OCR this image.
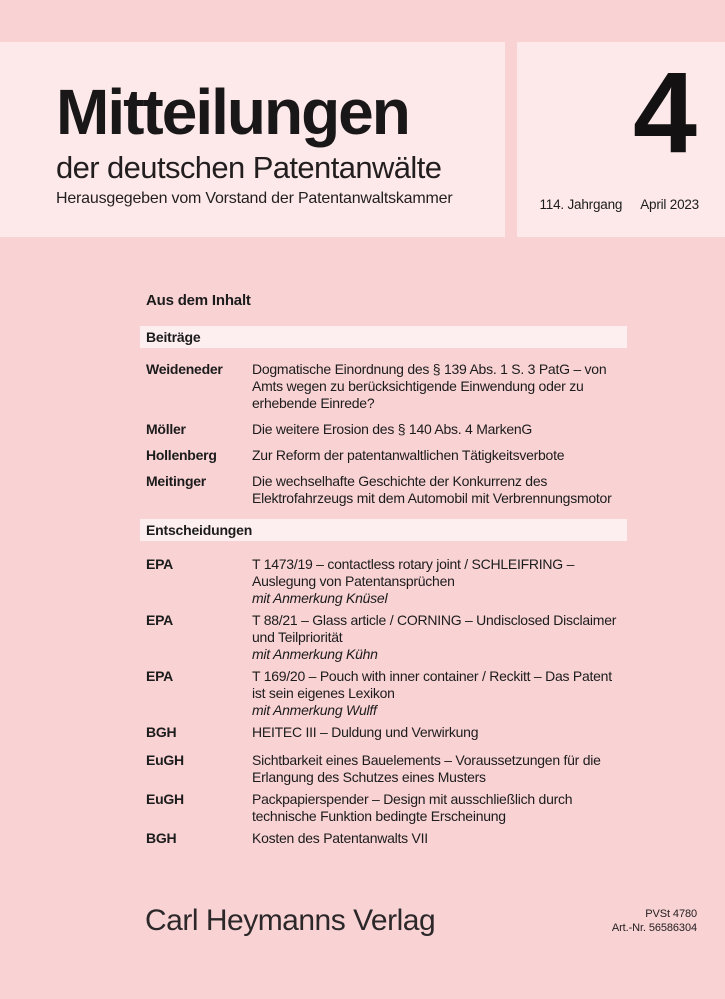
Mitteilungen
der deutschen Patentanwälte
Herausgegeben vom Vorstand der Patentanwaltskammer
4
114. Jahrgang April 2023
Aus dem Inhalt
Beiträge
Weideneder	Dogmatische Einordnung des § 139 Abs. 1 S. 3 PatG – von Amts wegen zu berücksichtigende Einwendung oder zu erhebende Einrede?
Möller	Die weitere Erosion des § 140 Abs. 4 MarkenG
Hollenberg	Zur Reform der patentanwaltlichen Tätigkeitsverbote
Meitinger	Die wechselhafte Geschichte der Konkurrenz des Elektrofahrzeugs mit dem Automobil mit Verbrennungsmotor
Entscheidungen
EPA	T 1473/19 – contactless rotary joint / SCHLEIFRING – Auslegung von Patentansprüchen
mit Anmerkung Knüsel
EPA	T 88/21 – Glass article / CORNING – Undisclosed Disclaimer und Teilpriorität
mit Anmerkung Kühn
EPA	T 169/20 – Pouch with inner container / Reckitt – Das Patent ist sein eigenes Lexikon
mit Anmerkung Wulff
BGH	HEITEC III – Duldung und Verwirkung
EuGH	Sichtbarkeit eines Bauelements – Voraussetzungen für die Erlangung des Schutzes eines Musters
EuGH	Packpapierspender – Design mit ausschließlich durch technische Funktion bedingte Erscheinung
BGH	Kosten des Patentanwalts VII
Carl Heymanns Verlag	PVSt 4780
Art.-Nr. 56586304
